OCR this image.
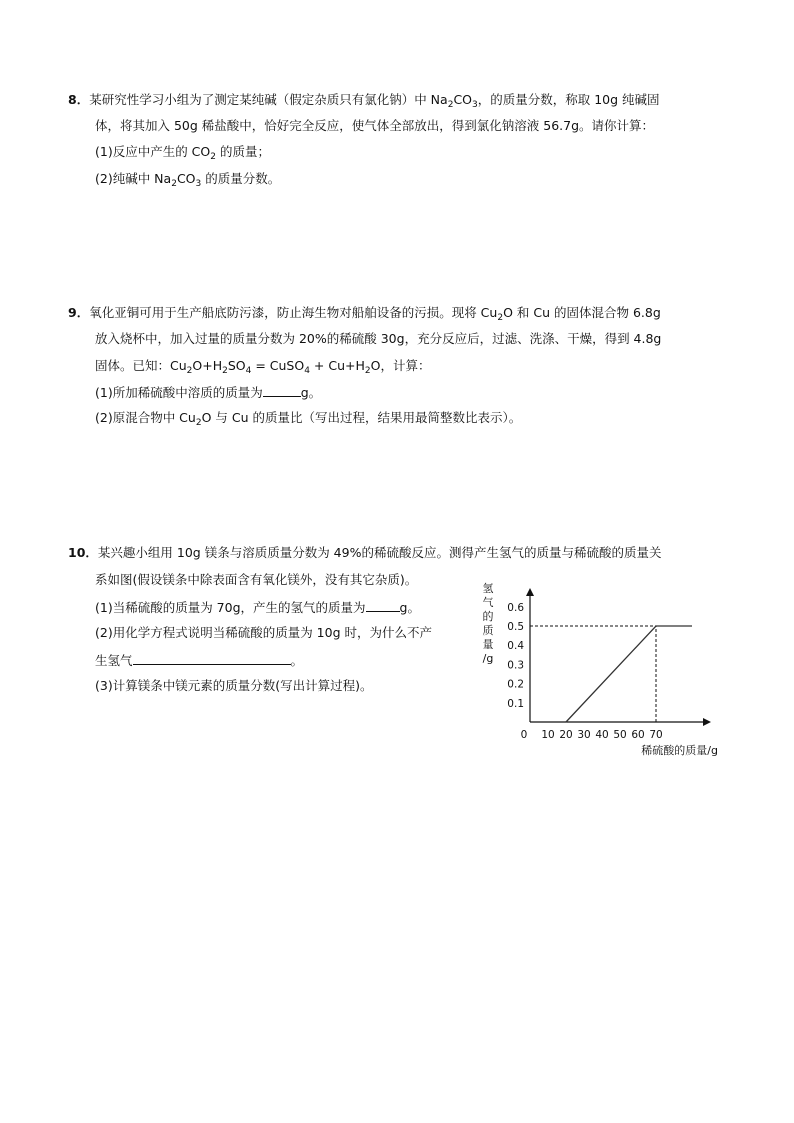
8．某研究性学习小组为了测定某纯碱（假定杂质只有氯化钠）中 $Na_2CO_3$，的质量分数，称取 10g 纯碱固
体，将其加入 50g 稀盐酸中，恰好完全反应，使气体全部放出，得到氯化钠溶液 56.7g。请你计算：
(1)反应中产生的 $CO_2$ 的质量；
(2)纯碱中 $Na_2CO_3$ 的质量分数。
9．氧化亚铜可用于生产船底防污漆，防止海生物对船舶设备的污损。现将 $Cu_2O$ 和 Cu 的固体混合物 6.8g
放入烧杯中，加入过量的质量分数为 20%的稀硫酸 30g，充分反应后，过滤、洗涤、干燥，得到 4.8g
固体。已知：$Cu_2O+H_2SO_4$ = CuSO$_4$ + $Cu+H_2O$，计算：
(1)所加稀硫酸中溶质的质量为	g。
(2)原混合物中 $Cu_2O$ 与 Cu 的质量比（写出过程，结果用最简整数比表示）。
10．某兴趣小组用 10g 镁条与溶质质量分数为 49%的稀硫酸反应。测得产生氢气的质量与稀硫酸的质量关
系如图(假设镁条中除表面含有氧化镁外，没有其它杂质)。
(1)当稀硫酸的质量为 70g，产生的氢气的质量为	g。
(2)用化学方程式说明当稀硫酸的质量为 10g 时，为什么不产
生氢气	。
(3)计算镁条中镁元素的质量分数(写出计算过程)。
0 10 20 30 40 50 60 70
0.1
0.2
0.3
0.4
0.5
0.6
氢
气
的
质
量
/g
稀硫酸的质量/g
